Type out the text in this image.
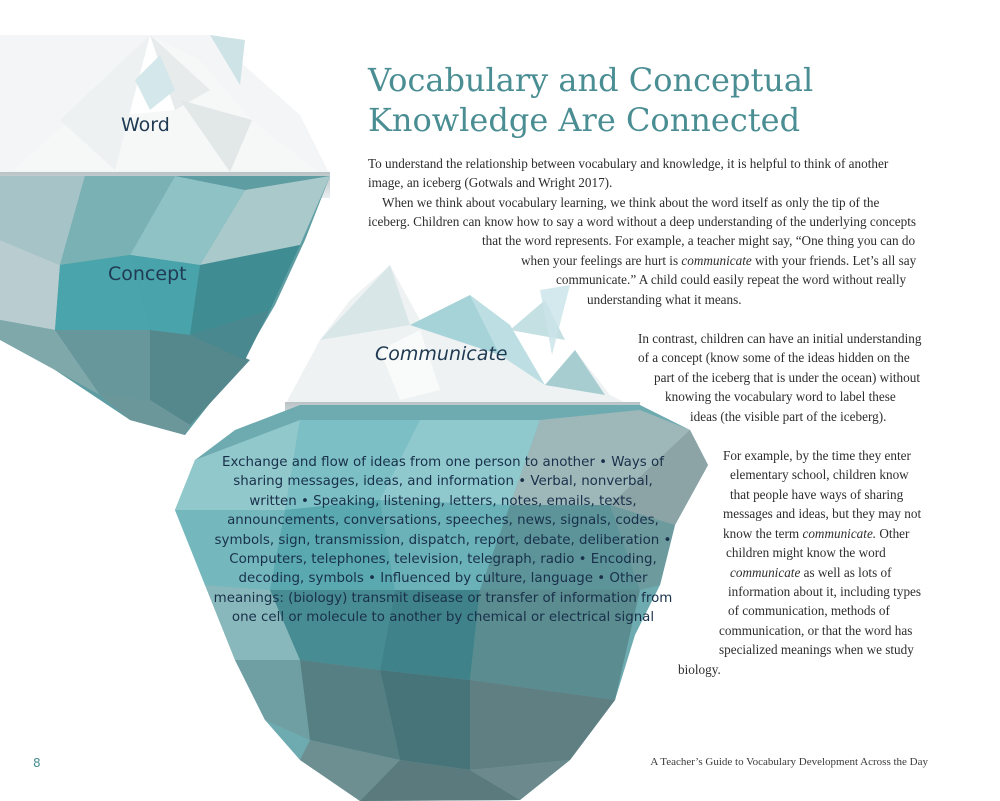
Vocabulary and Conceptual Knowledge Are Connected

Word

Concept

Communicate

Exchange and flow of ideas from one person to another • Ways of sharing messages, ideas, and information • Verbal, nonverbal, written • Speaking, listening, letters, notes, emails, texts, announcements, conversations, speeches, news, signals, codes, symbols, sign, transmission, dispatch, report, debate, deliberation • Computers, telephones, television, telegraph, radio • Encoding, decoding, symbols • Influenced by culture, language • Other meanings: (biology) transmit disease or transfer of information from one cell or molecule to another by chemical or electrical signal
To understand the relationship between vocabulary and knowledge, it is helpful to think of another
image, an iceberg (Gotwals and Wright 2017).
When we think about vocabulary learning, we think about the word itself as only the tip of the
iceberg. Children can know how to say a word without a deep understanding of the underlying concepts
that the word represents. For example, a teacher might say, “One thing you can do
when your feelings are hurt is communicate with your friends. Let’s all say
communicate.” A child could easily repeat the word without really
understanding what it means.
In contrast, children can have an initial understanding
of a concept (know some of the ideas hidden on the
part of the iceberg that is under the ocean) without
knowing the vocabulary word to label these
ideas (the visible part of the iceberg).
For example, by the time they enter
elementary school, children know
that people have ways of sharing
messages and ideas, but they may not
know the term communicate. Other
children might know the word
communicate as well as lots of
information about it, including types
of communication, methods of
communication, or that the word has
specialized meanings when we study
biology.

8	A Teacher’s Guide to Vocabulary Development Across the Day
